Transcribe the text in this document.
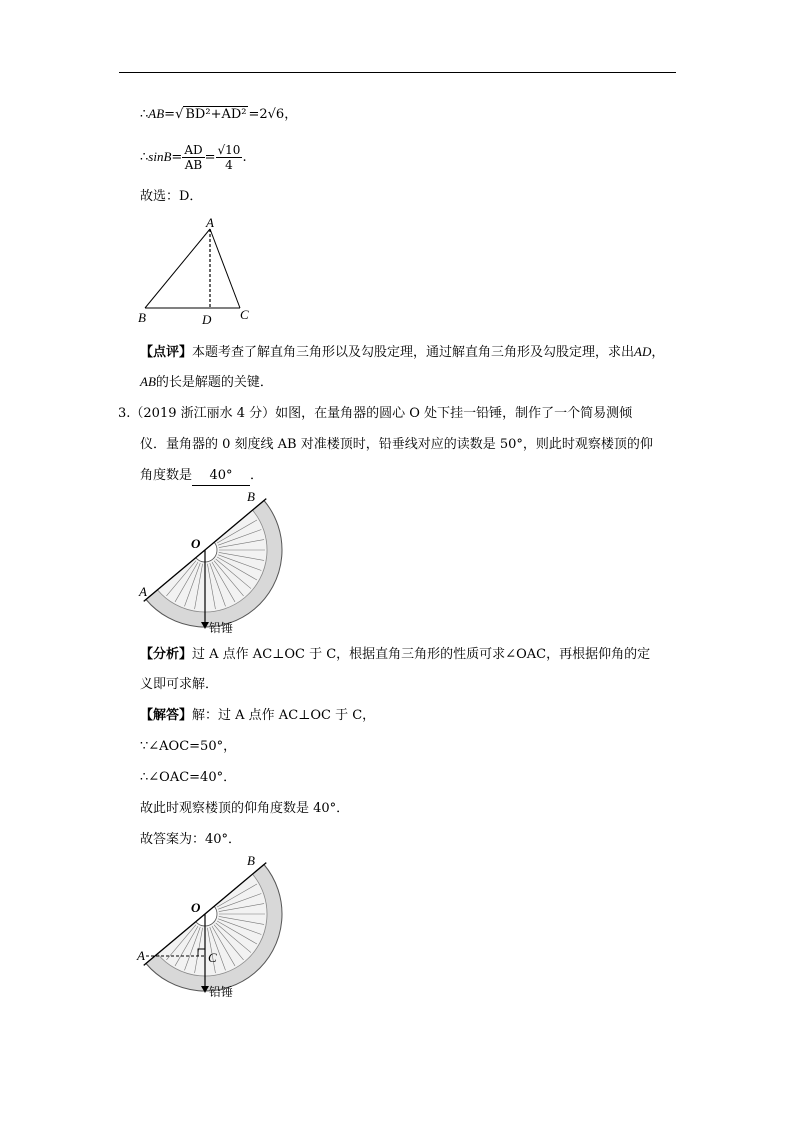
∴AB=√ BD²+AD² =2√6，
∴sinB= $\frac{AD}{AB} = \frac{√10}{4}$ .
故选：D．
A
B	C
D
【点评】本题考查了解直角三角形以及勾股定理，通过解直角三角形及勾股定理，求出AD，
AB的长是解题的关键．
3.（2019 浙江丽水 4 分）如图，在量角器的圆心 O 处下挂一铅锤，制作了一个简易测倾
仪．量角器的 0 刻度线 AB 对准楼顶时，铅垂线对应的读数是 50°，则此时观察楼顶的仰
角度数是 40° ．
A
B
O
铅锤
【分析】过 A 点作 AC⊥OC 于 C，根据直角三角形的性质可求∠OAC，再根据仰角的定
义即可求解．
【解答】解：过 A 点作 AC⊥OC 于 C，
∵∠AOC=50°，
∴∠OAC=40°．
故此时观察楼顶的仰角度数是 40°．
故答案为：40°．
A
B
O
C
铅锤
